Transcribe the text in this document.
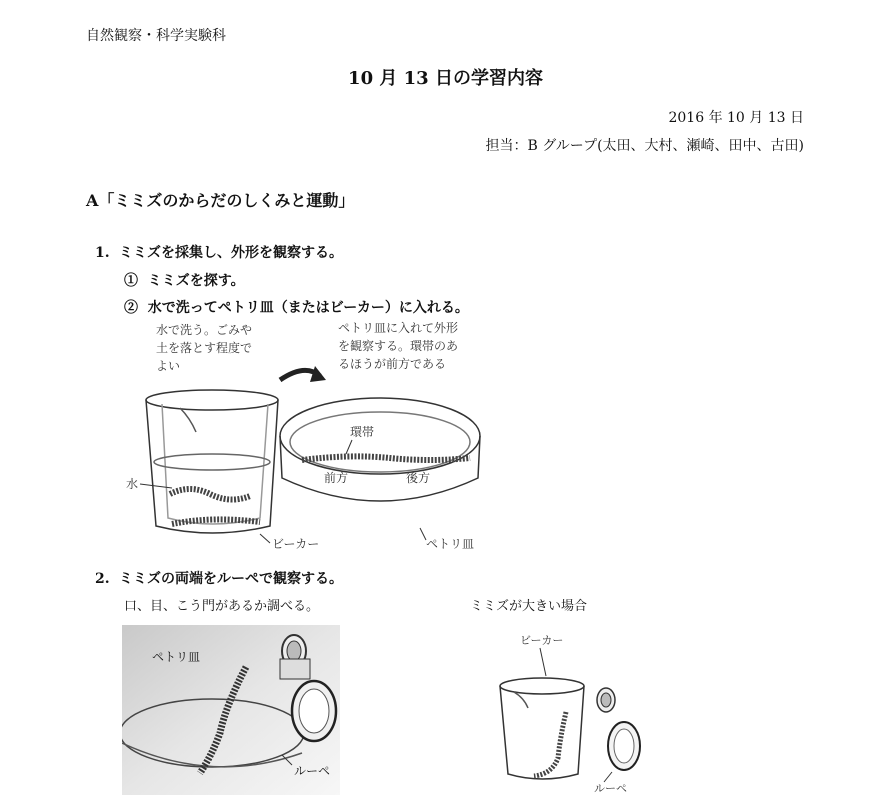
自然観察・科学実験科
10 月 13 日の学習内容
2016 年 10 月 13 日
担当：B グループ(太田、大村、瀬崎、田中、古田)
A「ミミズのからだのしくみと運動」
1. ミミズを採集し、外形を観察する。
① ミミズを探す。
② 水で洗ってペトリ皿（またはビーカー）に入れる。
水で洗う。ごみや
土を落とす程度で
よい
ペトリ皿に入れて外形
を観察する。環帯のあ
るほうが前方である
水
ビーカー
環帯
前方	後方
ペトリ皿
2. ミミズの両端をルーペで観察する。
口、目、こう門があるか調べる。	ミミズが大きい場合
ペトリ皿
ルーペ
ビーカー
ルーペ
